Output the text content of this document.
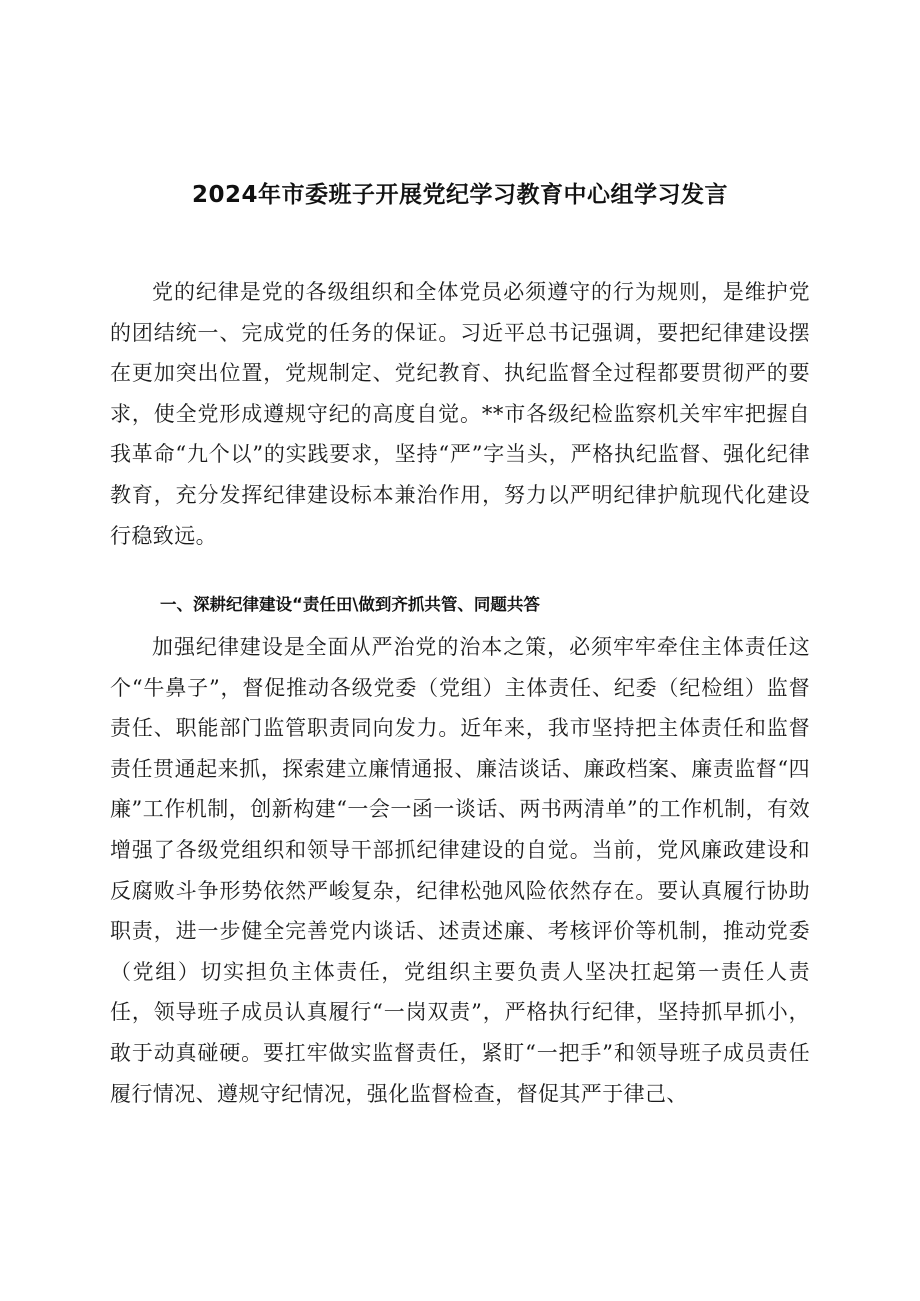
2024年市委班子开展党纪学习教育中心组学习发言

党的纪律是党的各级组织和全体党员必须遵守的行为规则，是维护党的团结统一、完成党的任务的保证。习近平总书记强调，要把纪律建设摆在更加突出位置，党规制定、党纪教育、执纪监督全过程都要贯彻严的要求，使全党形成遵规守纪的高度自觉。**市各级纪检监察机关牢牢把握自我革命“九个以”的实践要求，坚持“严”字当头，严格执纪监督、强化纪律教育，充分发挥纪律建设标本兼治作用，努力以严明纪律护航现代化建设行稳致远。

一、深耕纪律建设“责任田\做到齐抓共管、同题共答

加强纪律建设是全面从严治党的治本之策，必须牢牢牵住主体责任这个“牛鼻子”，督促推动各级党委（党组）主体责任、纪委（纪检组）监督责任、职能部门监管职责同向发力。近年来，我市坚持把主体责任和监督责任贯通起来抓，探索建立廉情通报、廉洁谈话、廉政档案、廉责监督“四廉”工作机制，创新构建“一会一函一谈话、两书两清单”的工作机制，有效增强了各级党组织和领导干部抓纪律建设的自觉。当前，党风廉政建设和反腐败斗争形势依然严峻复杂，纪律松弛风险依然存在。要认真履行协助职责，进一步健全完善党内谈话、述责述廉、考核评价等机制，推动党委（党组）切实担负主体责任，党组织主要负责人坚决扛起第一责任人责任，领导班子成员认真履行“一岗双责”，严格执行纪律，坚持抓早抓小，敢于动真碰硬。要扛牢做实监督责任，紧盯“一把手”和领导班子成员责任履行情况、遵规守纪情况，强化监督检查，督促其严于律己、
